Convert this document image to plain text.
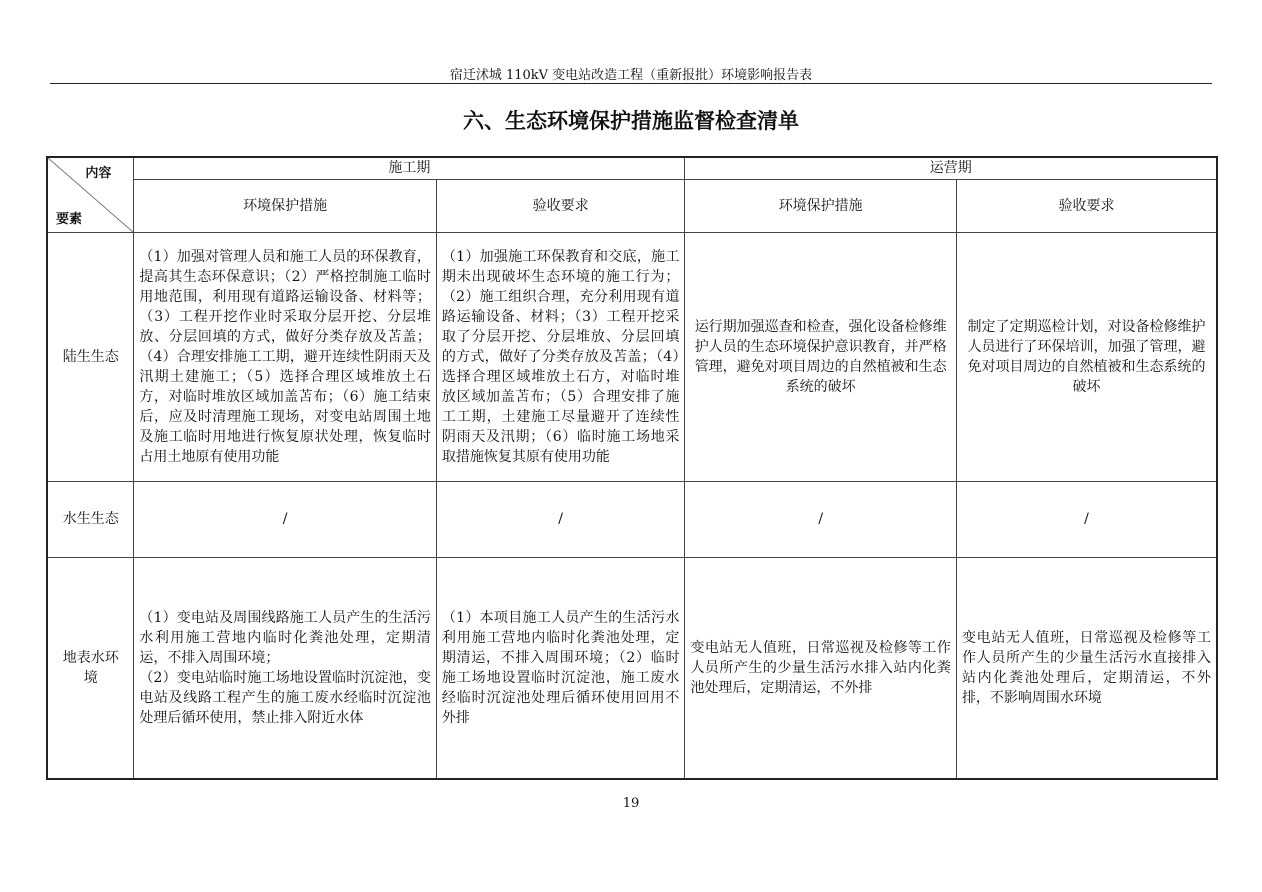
宿迁沭城 110kV 变电站改造工程（重新报批）环境影响报告表
六、生态环境保护措施监督检查清单
内容
要素	施工期		运营期	
	环境保护措施	验收要求	环境保护措施	验收要求
陆生生态	（1）加强对管理人员和施工人员的环保教育，提高其生态环保意识；（2）严格控制施工临时用地范围，利用现有道路运输设备、材料等；（3）工程开挖作业时采取分层开挖、分层堆放、分层回填的方式，做好分类存放及苫盖；（4）合理安排施工工期，避开连续性阴雨天及汛期土建施工；（5）选择合理区域堆放土石方，对临时堆放区域加盖苫布；（6）施工结束后，应及时清理施工现场，对变电站周围土地及施工临时用地进行恢复原状处理，恢复临时占用土地原有使用功能	（1）加强施工环保教育和交底，施工期未出现破坏生态环境的施工行为；（2）施工组织合理，充分利用现有道路运输设备、材料；（3）工程开挖采取了分层开挖、分层堆放、分层回填的方式，做好了分类存放及苫盖；（4）选择合理区域堆放土石方，对临时堆放区域加盖苫布；（5）合理安排了施工工期，土建施工尽量避开了连续性阴雨天及汛期；（6）临时施工场地采取措施恢复其原有使用功能	运行期加强巡查和检查，强化设备检修维护人员的生态环境保护意识教育，并严格管理，避免对项目周边的自然植被和生态系统的破坏	制定了定期巡检计划，对设备检修维护人员进行了环保培训，加强了管理，避免对项目周边的自然植被和生态系统的破坏
水生生态	/	/	/	/
地表水环境	（1）变电站及周围线路施工人员产生的生活污水利用施工营地内临时化粪池处理，定期清运，不排入周围环境；
（2）变电站临时施工场地设置临时沉淀池，变电站及线路工程产生的施工废水经临时沉淀池处理后循环使用，禁止排入附近水体	（1）本项目施工人员产生的生活污水利用施工营地内临时化粪池处理，定期清运，不排入周围环境；（2）临时施工场地设置临时沉淀池，施工废水经临时沉淀池处理后循环使用回用不外排	变电站无人值班，日常巡视及检修等工作人员所产生的少量生活污水排入站内化粪池处理后，定期清运，不外排	变电站无人值班，日常巡视及检修等工作人员所产生的少量生活污水直接排入站内化粪池处理后，定期清运，不外排，不影响周围水环境
19
